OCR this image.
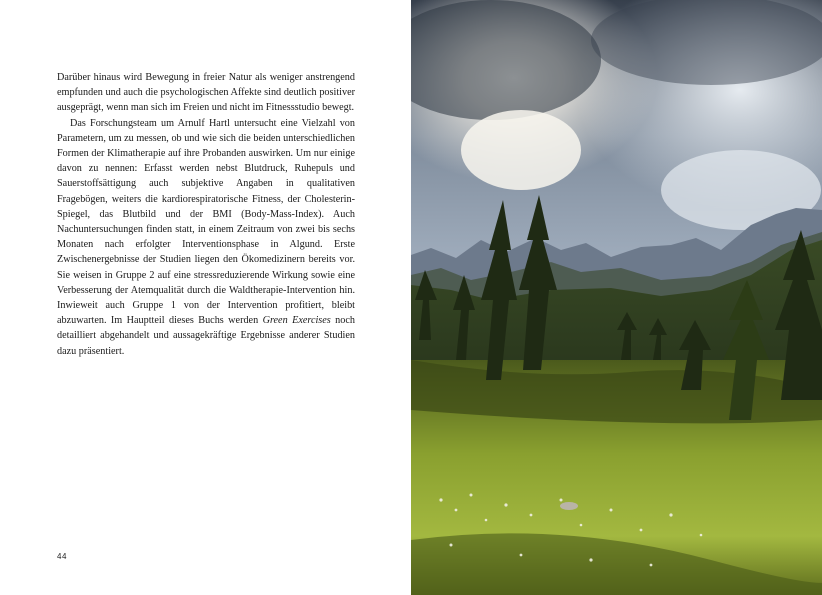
Darüber hinaus wird Bewegung in freier Natur als weniger anstrengend empfunden und auch die psychologischen Affekte sind deutlich positiver ausgeprägt, wenn man sich im Freien und nicht im Fitnessstudio bewegt.

Das Forschungsteam um Arnulf Hartl untersucht eine Vielzahl von Parametern, um zu messen, ob und wie sich die beiden unterschiedlichen Formen der Klimatherapie auf ihre Probanden auswirken. Um nur einige davon zu nennen: Erfasst werden nebst Blutdruck, Ruhepuls und Sauerstoffsättigung auch subjektive Angaben in qualitativen Fragebögen, weiters die kardiorespiratorische Fitness, der Cholesterin-Spiegel, das Blutbild und der BMI (Body-Mass-Index). Auch Nachuntersuchungen finden statt, in einem Zeitraum von zwei bis sechs Monaten nach erfolgter Interventionsphase in Algund. Erste Zwischenergebnisse der Studien liegen den Ökomedizinern bereits vor. Sie weisen in Gruppe 2 auf eine stressreduzierende Wirkung sowie eine Verbesserung der Atemqualität durch die Waldtherapie-Intervention hin. Inwieweit auch Gruppe 1 von der Intervention profitiert, bleibt abzuwarten. Im Hauptteil dieses Buchs werden Green Exercises noch detailliert abgehandelt und aussagekräftige Ergebnisse anderer Studien dazu präsentiert.

44
